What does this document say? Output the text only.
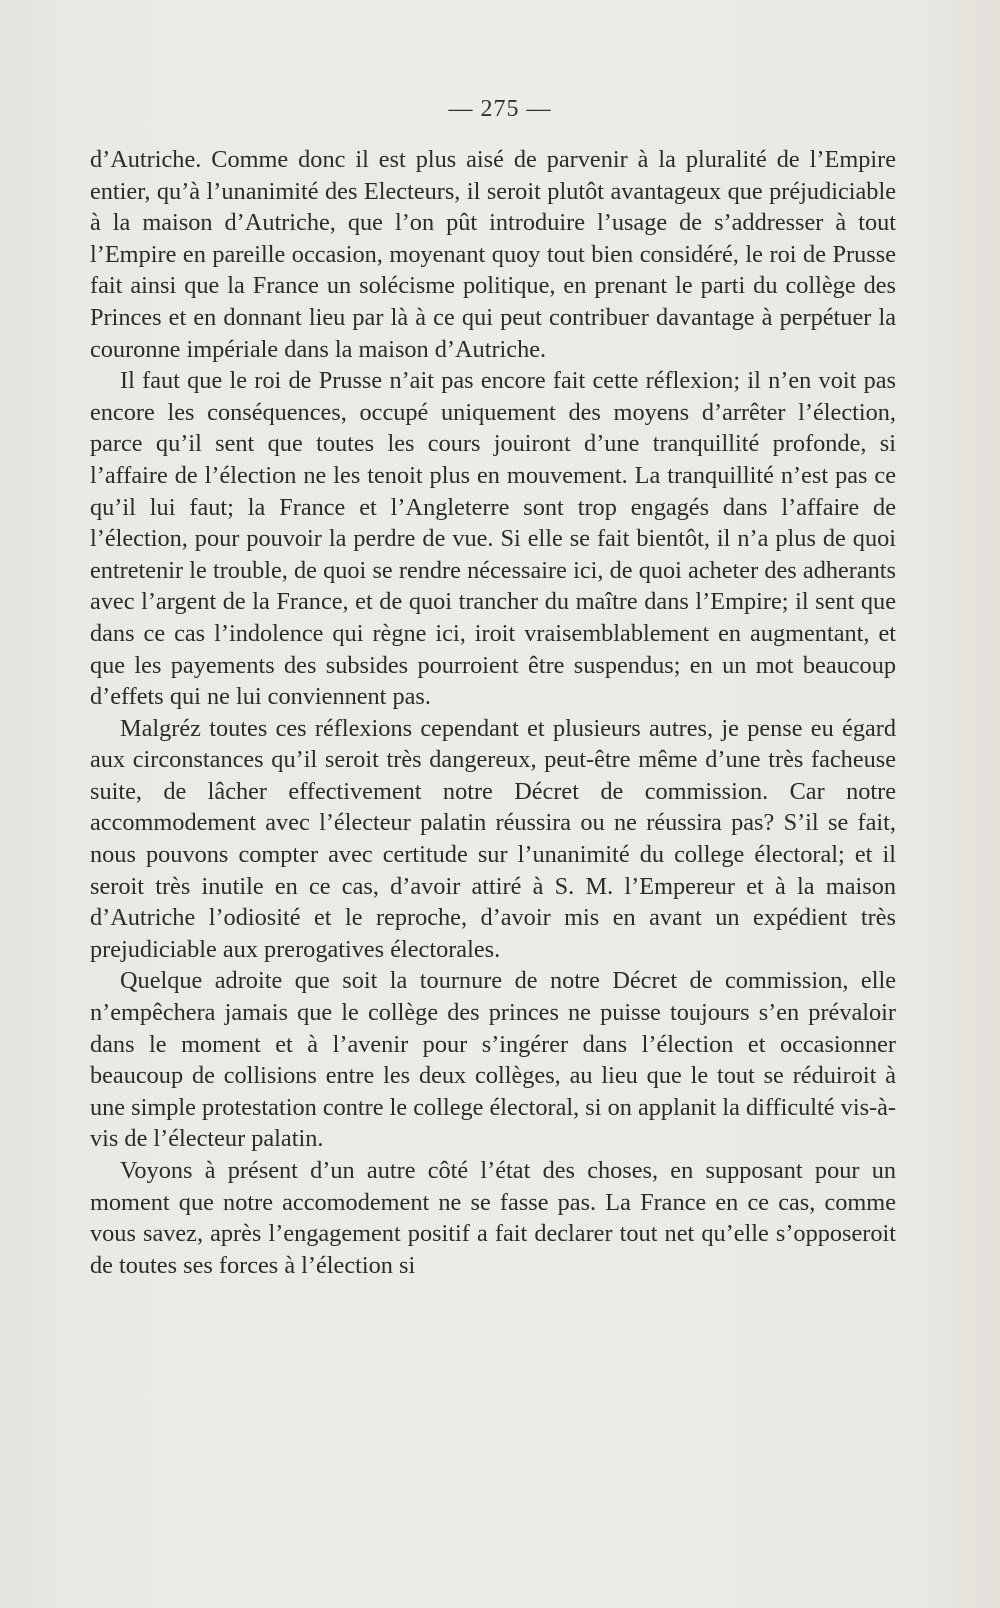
— 275 —

d’Autriche. Comme donc il est plus aisé de parvenir à la pluralité de l’Empire entier, qu’à l’unanimité des Electeurs, il seroit plutôt avantageux que préjudiciable à la maison d’Autriche, que l’on pût introduire l’usage de s’addresser à tout l’Empire en pareille occasion, moyenant quoy tout bien considéré, le roi de Prusse fait ainsi que la France un solécisme politique, en prenant le parti du collège des Princes et en donnant lieu par là à ce qui peut contribuer davantage à perpétuer la couronne impériale dans la maison d’Autriche.

Il faut que le roi de Prusse n’ait pas encore fait cette réflexion; il n’en voit pas encore les conséquences, occupé uniquement des moyens d’arrêter l’élection, parce qu’il sent que toutes les cours jouiront d’une tranquillité profonde, si l’affaire de l’élection ne les tenoit plus en mouvement. La tranquillité n’est pas ce qu’il lui faut; la France et l’Angleterre sont trop engagés dans l’affaire de l’élection, pour pouvoir la perdre de vue. Si elle se fait bientôt, il n’a plus de quoi entretenir le trouble, de quoi se rendre nécessaire ici, de quoi acheter des adherants avec l’argent de la France, et de quoi trancher du maître dans l’Empire; il sent que dans ce cas l’indolence qui règne ici, iroit vraisemblablement en augmentant, et que les payements des subsides pourroient être suspendus; en un mot beaucoup d’effets qui ne lui conviennent pas.

Malgréz toutes ces réflexions cependant et plusieurs autres, je pense eu égard aux circonstances qu’il seroit très dangereux, peut-être même d’une très facheuse suite, de lâcher effectivement notre Décret de commission. Car notre accommodement avec l’électeur palatin réussira ou ne réussira pas? S’il se fait, nous pouvons compter avec certitude sur l’unanimité du college électoral; et il seroit très inutile en ce cas, d’avoir attiré à S. M. l’Empereur et à la maison d’Autriche l’odiosité et le reproche, d’avoir mis en avant un expédient très prejudiciable aux prerogatives électorales.

Quelque adroite que soit la tournure de notre Décret de commission, elle n’empêchera jamais que le collège des princes ne puisse toujours s’en prévaloir dans le moment et à l’avenir pour s’ingérer dans l’élection et occasionner beaucoup de collisions entre les deux collèges, au lieu que le tout se réduiroit à une simple protestation contre le college électoral, si on applanit la difficulté vis-à-vis de l’électeur palatin.

Voyons à présent d’un autre côté l’état des choses, en supposant pour un moment que notre accomodement ne se fasse pas. La France en ce cas, comme vous savez, après l’engagement positif a fait declarer tout net qu’elle s’opposeroit de toutes ses forces à l’élection si
